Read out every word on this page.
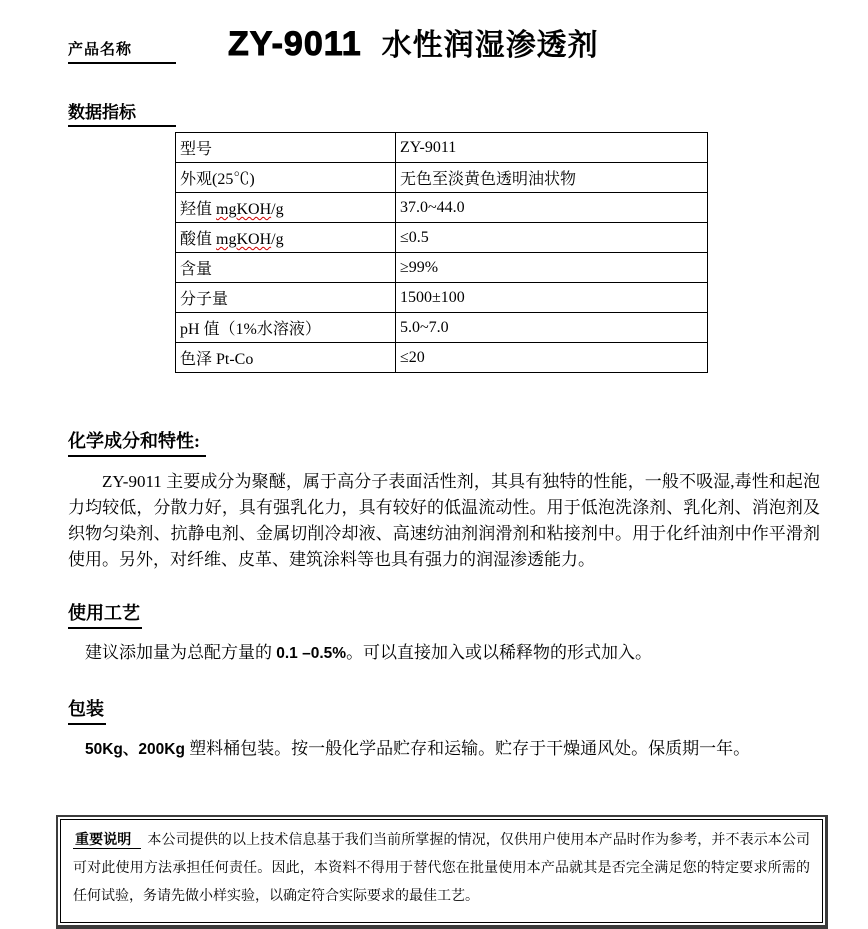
产品名称	ZY-9011 水性润湿渗透剂
数据指标
型号	ZY-9011
外观(25℃)	无色至淡黄色透明油状物
羟值 mgKOH/g	37.0~44.0
酸值 mgKOH/g	≤0.5
含量	≥99%
分子量	1500±100
pH 值（1%水溶液）	5.0~7.0
色泽 Pt-Co	≤20
化学成分和特性:
ZY-9011 主要成分为聚醚，属于高分子表面活性剂，其具有独特的性能，一般不吸湿,毒性和起泡力均较低，分散力好，具有强乳化力，具有较好的低温流动性。用于低泡洗涤剂、乳化剂、消泡剂及织物匀染剂、抗静电剂、金属切削冷却液、高速纺油剂润滑剂和粘接剂中。用于化纤油剂中作平滑剂使用。另外，对纤维、皮革、建筑涂料等也具有强力的润湿渗透能力。
使用工艺
建议添加量为总配方量的 0.1 –0.5%。可以直接加入或以稀释物的形式加入。
包装
50Kg、200Kg 塑料桶包装。按一般化学品贮存和运输。贮存于干燥通风处。保质期一年。
重要说明 本公司提供的以上技术信息基于我们当前所掌握的情况，仅供用户使用本产品时作为参考，并不表示本公司可对此使用方法承担任何责任。因此，本资料不得用于替代您在批量使用本产品就其是否完全满足您的特定要求所需的任何试验，务请先做小样实验，以确定符合实际要求的最佳工艺。
